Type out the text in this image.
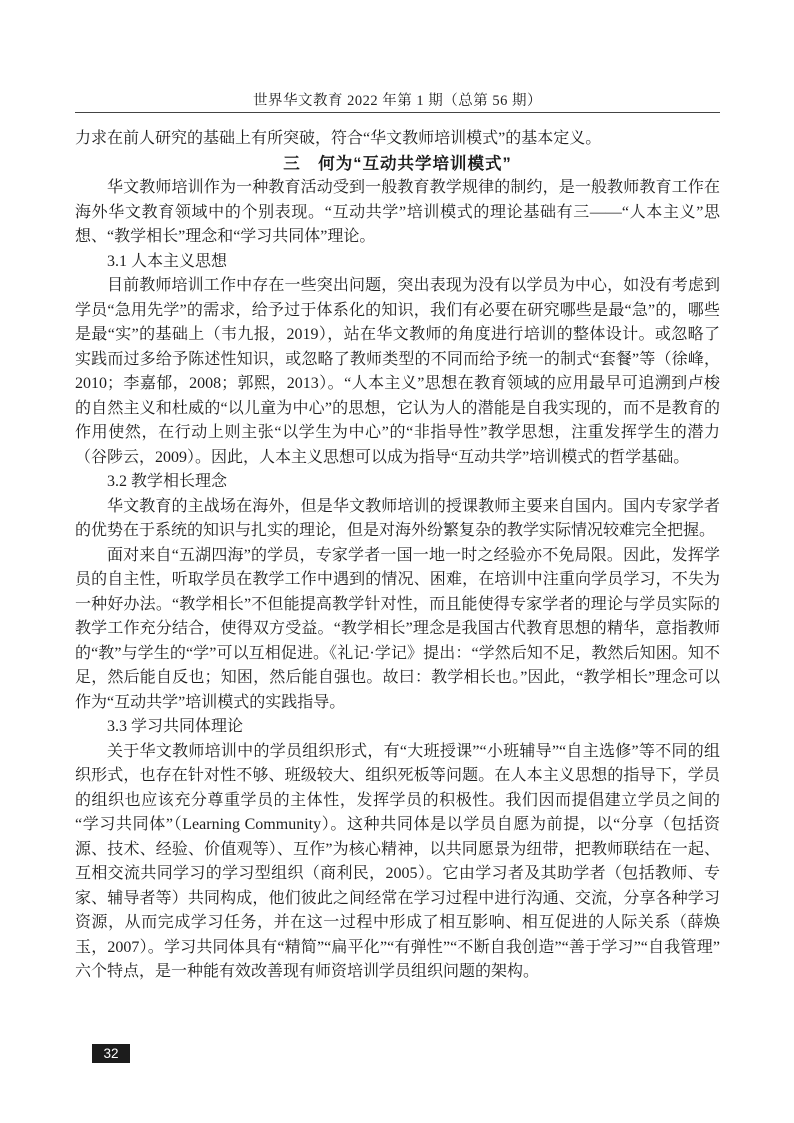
世界华文教育 2022 年第 1 期（总第 56 期）

力求在前人研究的基础上有所突破，符合“华文教师培训模式”的基本定义。

三　何为“互动共学培训模式”

华文教师培训作为一种教育活动受到一般教育教学规律的制约，是一般教师教育工作在海外华文教育领域中的个别表现。“互动共学”培训模式的理论基础有三——“人本主义”思想、“教学相长”理念和“学习共同体”理论。

3.1 人本主义思想

目前教师培训工作中存在一些突出问题，突出表现为没有以学员为中心，如没有考虑到学员“急用先学”的需求，给予过于体系化的知识，我们有必要在研究哪些是最“急”的，哪些是最“实”的基础上（韦九报，2019），站在华文教师的角度进行培训的整体设计。或忽略了实践而过多给予陈述性知识，或忽略了教师类型的不同而给予统一的制式“套餐”等（徐峰，2010；李嘉郁，2008；郭熙，2013）。“人本主义”思想在教育领域的应用最早可追溯到卢梭的自然主义和杜威的“以儿童为中心”的思想，它认为人的潜能是自我实现的，而不是教育的作用使然，在行动上则主张“以学生为中心”的“非指导性”教学思想，注重发挥学生的潜力（谷陟云，2009）。因此，人本主义思想可以成为指导“互动共学”培训模式的哲学基础。

3.2 教学相长理念

华文教育的主战场在海外，但是华文教师培训的授课教师主要来自国内。国内专家学者的优势在于系统的知识与扎实的理论，但是对海外纷繁复杂的教学实际情况较难完全把握。

面对来自“五湖四海”的学员，专家学者一国一地一时之经验亦不免局限。因此，发挥学员的自主性，听取学员在教学工作中遇到的情况、困难，在培训中注重向学员学习，不失为一种好办法。“教学相长”不但能提高教学针对性，而且能使得专家学者的理论与学员实际的教学工作充分结合，使得双方受益。“教学相长”理念是我国古代教育思想的精华，意指教师的“教”与学生的“学”可以互相促进。《礼记·学记》提出：“学然后知不足，教然后知困。知不足，然后能自反也；知困，然后能自强也。故曰：教学相长也。”因此，“教学相长”理念可以作为“互动共学”培训模式的实践指导。

3.3 学习共同体理论

关于华文教师培训中的学员组织形式，有“大班授课”“小班辅导”“自主选修”等不同的组织形式，也存在针对性不够、班级较大、组织死板等问题。在人本主义思想的指导下，学员的组织也应该充分尊重学员的主体性，发挥学员的积极性。我们因而提倡建立学员之间的“学习共同体”（Learning Community）。这种共同体是以学员自愿为前提，以“分享（包括资源、技术、经验、价值观等）、互作”为核心精神，以共同愿景为纽带，把教师联结在一起、互相交流共同学习的学习型组织（商利民，2005）。它由学习者及其助学者（包括教师、专家、辅导者等）共同构成，他们彼此之间经常在学习过程中进行沟通、交流，分享各种学习资源，从而完成学习任务，并在这一过程中形成了相互影响、相互促进的人际关系（薛焕玉，2007）。学习共同体具有“精简”“扁平化”“有弹性”“不断自我创造”“善于学习”“自我管理”六个特点，是一种能有效改善现有师资培训学员组织问题的架构。

32
